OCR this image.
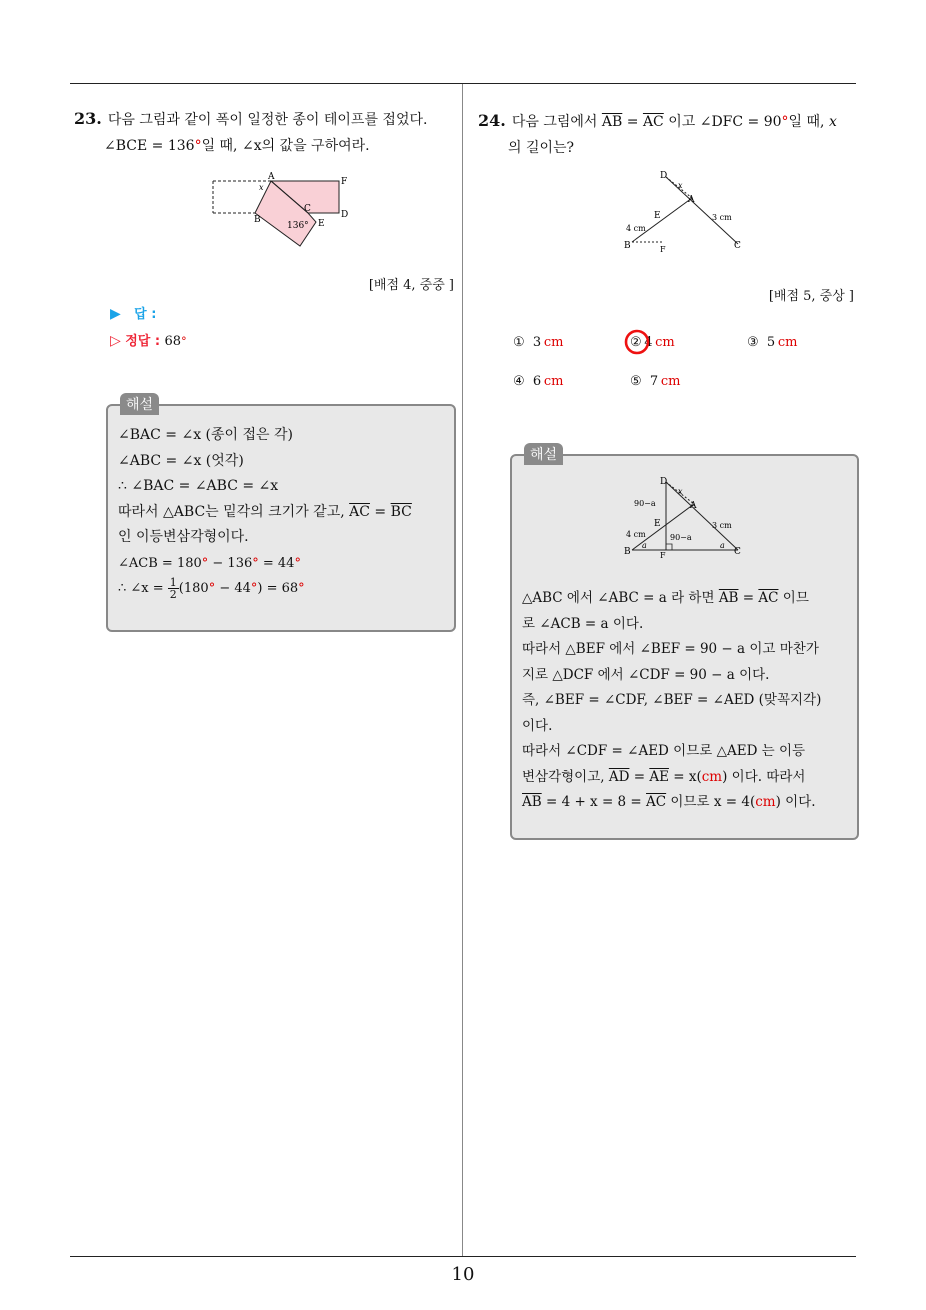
10
23. 다음 그림과 같이 폭이 일정한 종이 테이프를 접었다.
∠BCE = 136°일 때, ∠x의 값을 구하여라.
A	F
x
C
D
B	E
136°
[배점 4, 중중 ]
▶ 답 :
▷ 정답 : 68°
해설
∠BAC = ∠x (종이 접은 각)
∠ABC = ∠x (엇각)
∴ ∠BAC = ∠ABC = ∠x
따라서 △ABC는 밑각의 크기가 같고, $\overline{AC} = \overline{BC}$
인 이등변삼각형이다.
∠ACB = 180° − 136° = 44°
∴ ∠x = $\frac{1}{2} (180^\circ - 44^\circ) = 68^\circ$
24. 다음 그림에서 $\overline{AB} = \overline{AC}$ 이고 ∠DFC = 90°일 때, x
의 길이는?
D
A
E
B	F	C
4 cm
3 cm
x
[배점 5, 중상 ]
① 3  cm	②  4  cm	③ 5  cm
④ 6  cm	⑤ 7  cm
해설
D
A
E
B	F	C
90−a
90−a
4 cm
3 cm
a	a
x
△ABC 에서 ∠ABC = a 라 하면 $\overline{AB} = \overline{AC}$ 이므
로 ∠ACB = a 이다.
따라서 △BEF 에서 ∠BEF = 90 − a 이고 마찬가
지로 △DCF 에서 ∠CDF = 90 − a 이다.
즉, ∠BEF = ∠CDF, ∠BEF = ∠AED (맞꼭지각)
이다.
따라서 ∠CDF = ∠AED 이므로 △AED 는 이등
변삼각형이고, $\overline{AD} = \overline{AE} = x(cm)$ 이다. 따라서
$\overline{AB} = 4 + x = 8 = \overline{AC}$ 이므로 x = 4(cm) 이다.
